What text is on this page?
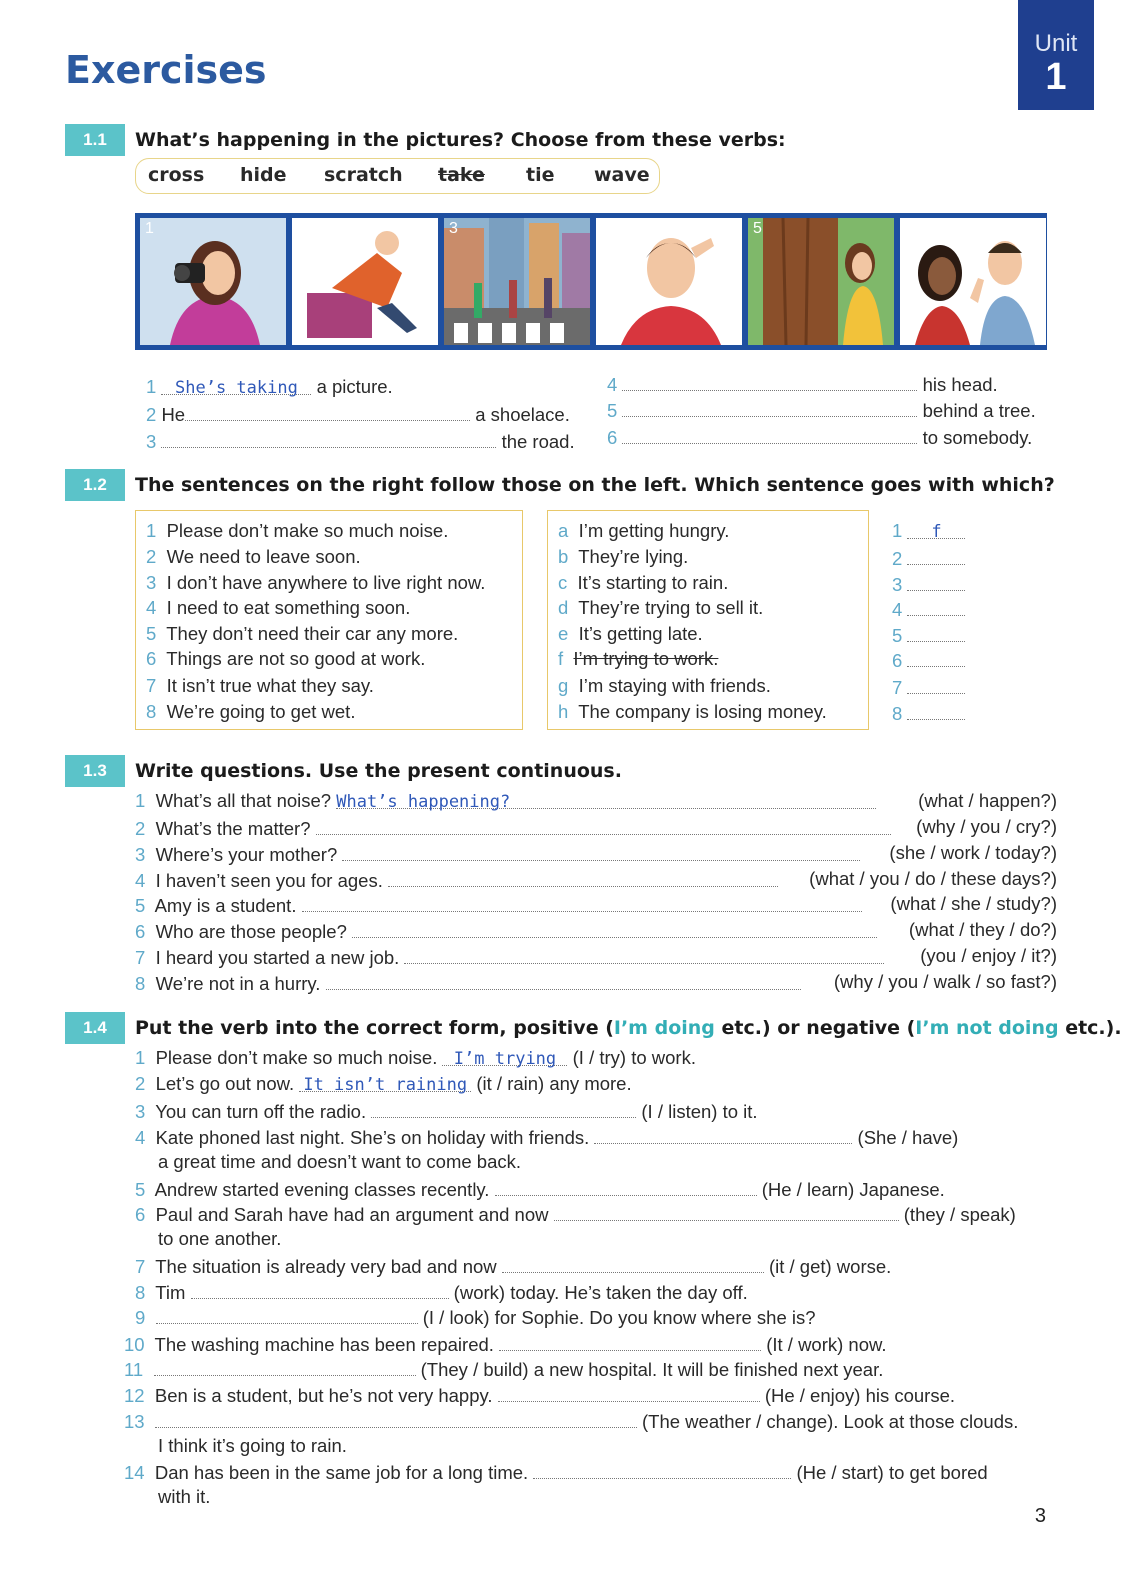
Exercises
Unit
1
1.1	What’s happening in the pictures? Choose from these verbs:
cross hide scratch take tie wave
1	2	3	4	5	6
1 She’s taking a picture.
2 He	a shoelace.
3	the road.
4	his head.
5	behind a tree.
6	to somebody.
1.2	The sentences on the right follow those on the left. Which sentence goes with which?
1 Please don’t make so much noise.
2 We need to leave soon.
3 I don’t have anywhere to live right now.
4 I need to eat something soon.
5 They don’t need their car any more.
6 Things are not so good at work.
7 It isn’t true what they say.
8 We’re going to get wet.
a I’m getting hungry.
b They’re lying.
c It’s starting to rain.
d They’re trying to sell it.
e It’s getting late.
f I’m trying to work.
g I’m staying with friends.
h The company is losing money.
1 f
2
3
4
5
6
7
8
1.3	Write questions. Use the present continuous.
1 What’s all that noise? What’s happening?	(what / happen?)
2 What’s the matter?	(why / you / cry?)
3 Where’s your mother?	(she / work / today?)
4 I haven’t seen you for ages.	(what / you / do / these days?)
5 Amy is a student.	(what / she / study?)
6 Who are those people?	(what / they / do?)
7 I heard you started a new job.	(you / enjoy / it?)
8 We’re not in a hurry.	(why / you / walk / so fast?)
1.4	Put the verb into the correct form, positive (I’m doing etc.) or negative (I’m not doing etc.).
1 Please don’t make so much noise. I’m trying (I / try) to work.
2 Let’s go out now. It isn’t raining (it / rain) any more.
3 You can turn off the radio.	(I / listen) to it.
4 Kate phoned last night. She’s on holiday with friends.	(She / have)
a great time and doesn’t want to come back.
5 Andrew started evening classes recently.	(He / learn) Japanese.
6 Paul and Sarah have had an argument and now	(they / speak)
to one another.
7 The situation is already very bad and now	(it / get) worse.
8 Tim	(work) today. He’s taken the day off.
9	(I / look) for Sophie. Do you know where she is?
10 The washing machine has been repaired.	(It / work) now.
11	(They / build) a new hospital. It will be finished next year.
12 Ben is a student, but he’s not very happy.	(He / enjoy) his course.
13	(The weather / change). Look at those clouds.
I think it’s going to rain.
14 Dan has been in the same job for a long time.	(He / start) to get bored
with it.
3
